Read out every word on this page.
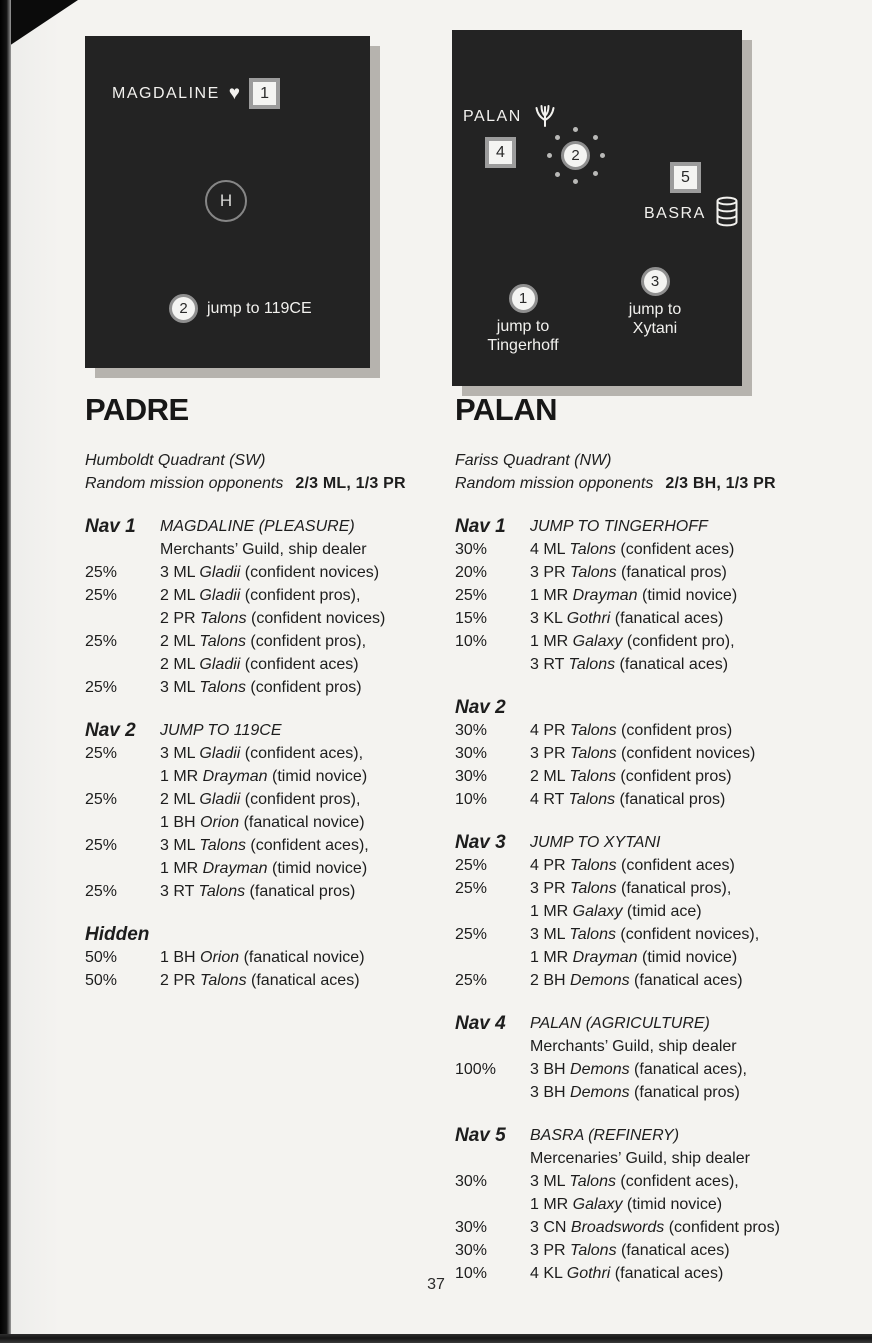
MAGDALINE ♥ 1
H
2 jump to 119CE
PALAN
4	2
5
BASRA
1
jump to
Tingerhoff
3
jump to
Xytani
PADRE
Humboldt Quadrant (SW)
Random mission opponents 2/3 ML, 1/3 PR
Nav 1	MAGDALINE (PLEASURE)
Merchants’ Guild, ship dealer
25%	3 ML Gladii (confident novices)
25%	2 ML Gladii (confident pros),
2 PR Talons (confident novices)
25%	2 ML Talons (confident pros),
2 ML Gladii (confident aces)
25%	3 ML Talons (confident pros)
Nav 2	JUMP TO 119CE
25%	3 ML Gladii (confident aces),
1 MR Drayman (timid novice)
25%	2 ML Gladii (confident pros),
1 BH Orion (fanatical novice)
25%	3 ML Talons (confident aces),
1 MR Drayman (timid novice)
25%	3 RT Talons (fanatical pros)
Hidden
50%	1 BH Orion (fanatical novice)
50%	2 PR Talons (fanatical aces)
PALAN
Fariss Quadrant (NW)
Random mission opponents 2/3 BH, 1/3 PR
Nav 1	JUMP TO TINGERHOFF
30%	4 ML Talons (confident aces)
20%	3 PR Talons (fanatical pros)
25%	1 MR Drayman (timid novice)
15%	3 KL Gothri (fanatical aces)
10%	1 MR Galaxy (confident pro),
3 RT Talons (fanatical aces)
Nav 2
30%	4 PR Talons (confident pros)
30%	3 PR Talons (confident novices)
30%	2 ML Talons (confident pros)
10%	4 RT Talons (fanatical pros)
Nav 3	JUMP TO XYTANI
25%	4 PR Talons (confident aces)
25%	3 PR Talons (fanatical pros),
1 MR Galaxy (timid ace)
25%	3 ML Talons (confident novices),
1 MR Drayman (timid novice)
25%	2 BH Demons (fanatical aces)
Nav 4	PALAN (AGRICULTURE)
Merchants’ Guild, ship dealer
100%	3 BH Demons (fanatical aces),
3 BH Demons (fanatical pros)
Nav 5	BASRA (REFINERY)
Mercenaries’ Guild, ship dealer
30%	3 ML Talons (confident aces),
1 MR Galaxy (timid novice)
30%	3 CN Broadswords (confident pros)
30%	3 PR Talons (fanatical aces)
10%	4 KL Gothri (fanatical aces)
37
